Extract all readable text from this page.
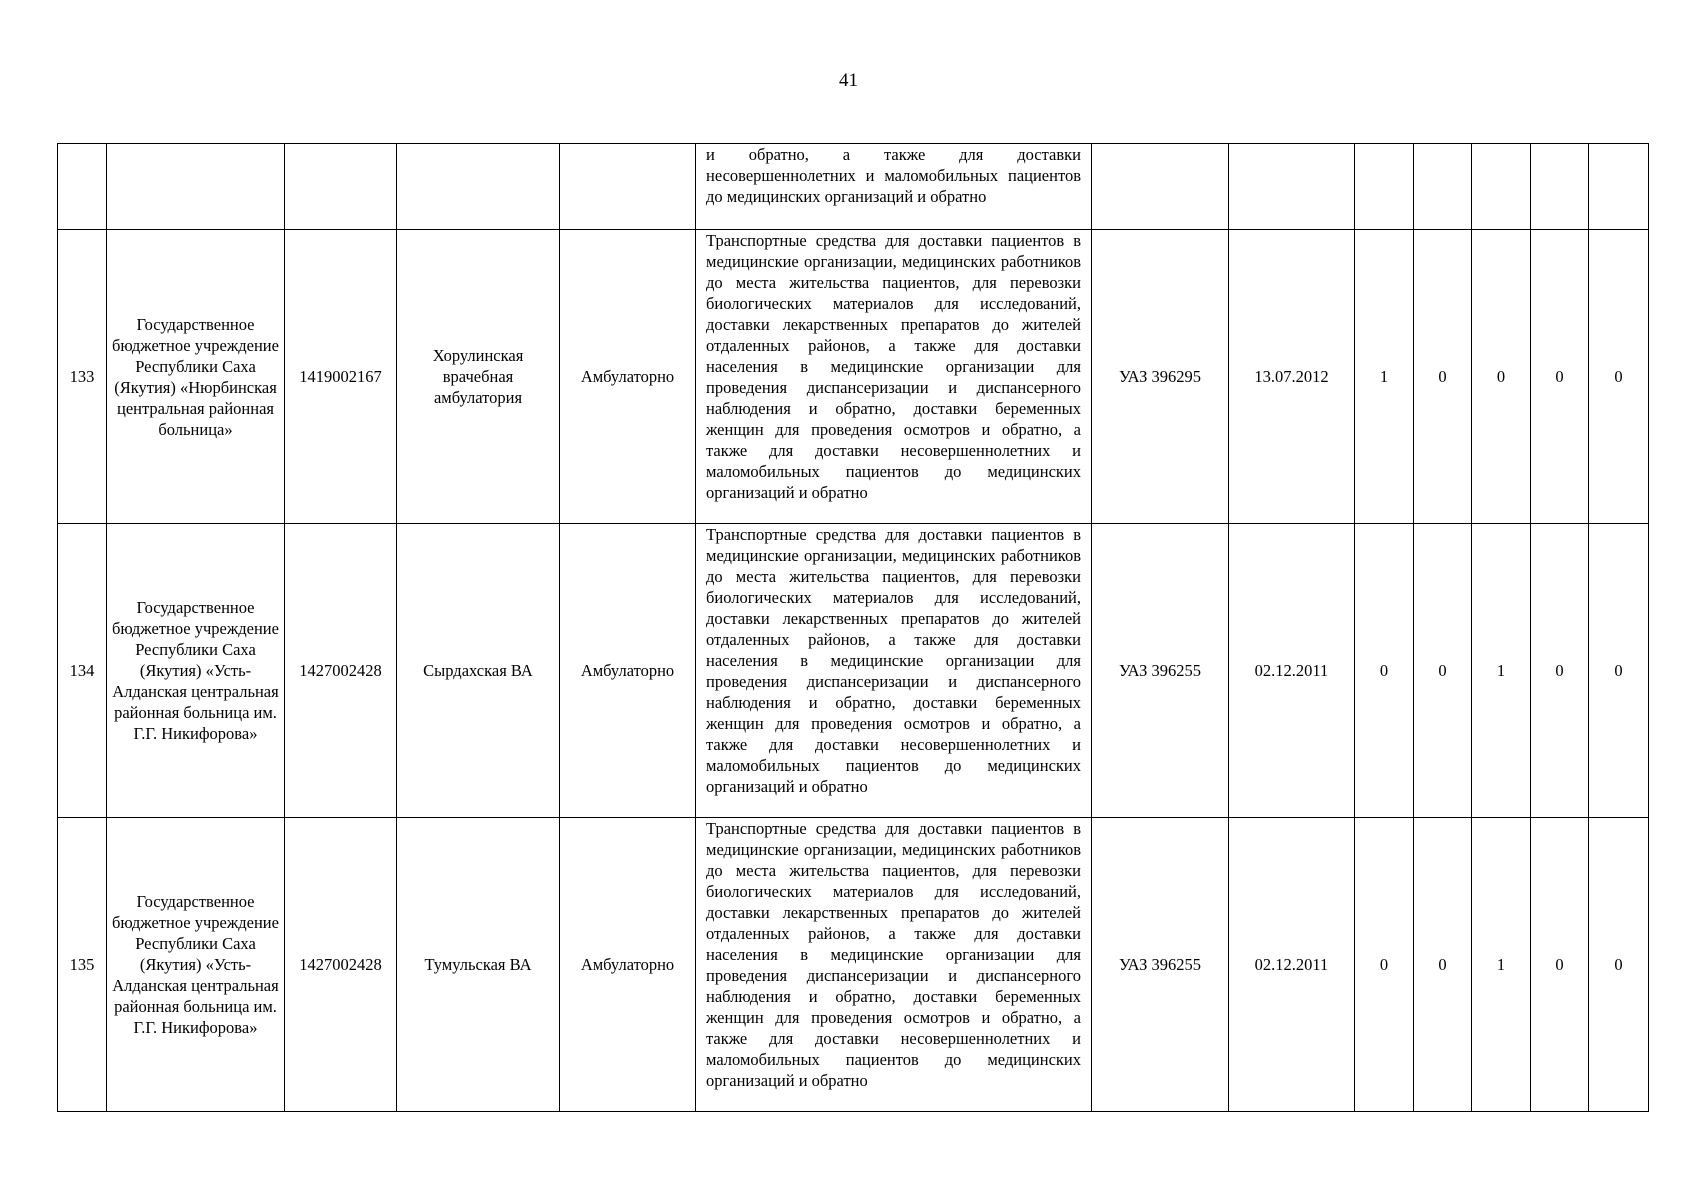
41
					и обратно, а также для доставки несовершеннолетних и маломобильных пациентов до медицинских организаций и обратно							
133	Государственное бюджетное учреждение Республики Саха (Якутия) «Нюрбинская центральная районная больница»	1419002167	Хорулинская врачебная амбулатория	Амбулаторно	Транспортные средства для доставки пациентов в медицинские организации, медицинских работников до места жительства пациентов, для перевозки биологических материалов для исследований, доставки лекарственных препаратов до жителей отдаленных районов, а также для доставки населения в медицинские организации для проведения диспансеризации и диспансерного наблюдения и обратно, доставки беременных женщин для проведения осмотров и обратно, а также для доставки несовершеннолетних и маломобильных пациентов до медицинских организаций и обратно	УАЗ 396295	13.07.2012	1	0	0	0	0
134	Государственное бюджетное учреждение Республики Саха (Якутия) «Усть-Алданская центральная районная больница им. Г.Г. Никифорова»	1427002428	Сырдахская ВА	Амбулаторно	Транспортные средства для доставки пациентов в медицинские организации, медицинских работников до места жительства пациентов, для перевозки биологических материалов для исследований, доставки лекарственных препаратов до жителей отдаленных районов, а также для доставки населения в медицинские организации для проведения диспансеризации и диспансерного наблюдения и обратно, доставки беременных женщин для проведения осмотров и обратно, а также для доставки несовершеннолетних и маломобильных пациентов до медицинских организаций и обратно	УАЗ 396255	02.12.2011	0	0	1	0	0
135	Государственное бюджетное учреждение Республики Саха (Якутия) «Усть-Алданская центральная районная больница им. Г.Г. Никифорова»	1427002428	Тумульская ВА	Амбулаторно	Транспортные средства для доставки пациентов в медицинские организации, медицинских работников до места жительства пациентов, для перевозки биологических материалов для исследований, доставки лекарственных препаратов до жителей отдаленных районов, а также для доставки населения в медицинские организации для проведения диспансеризации и диспансерного наблюдения и обратно, доставки беременных женщин для проведения осмотров и обратно, а также для доставки несовершеннолетних и маломобильных пациентов до медицинских организаций и обратно	УАЗ 396255	02.12.2011	0	0	1	0	0
